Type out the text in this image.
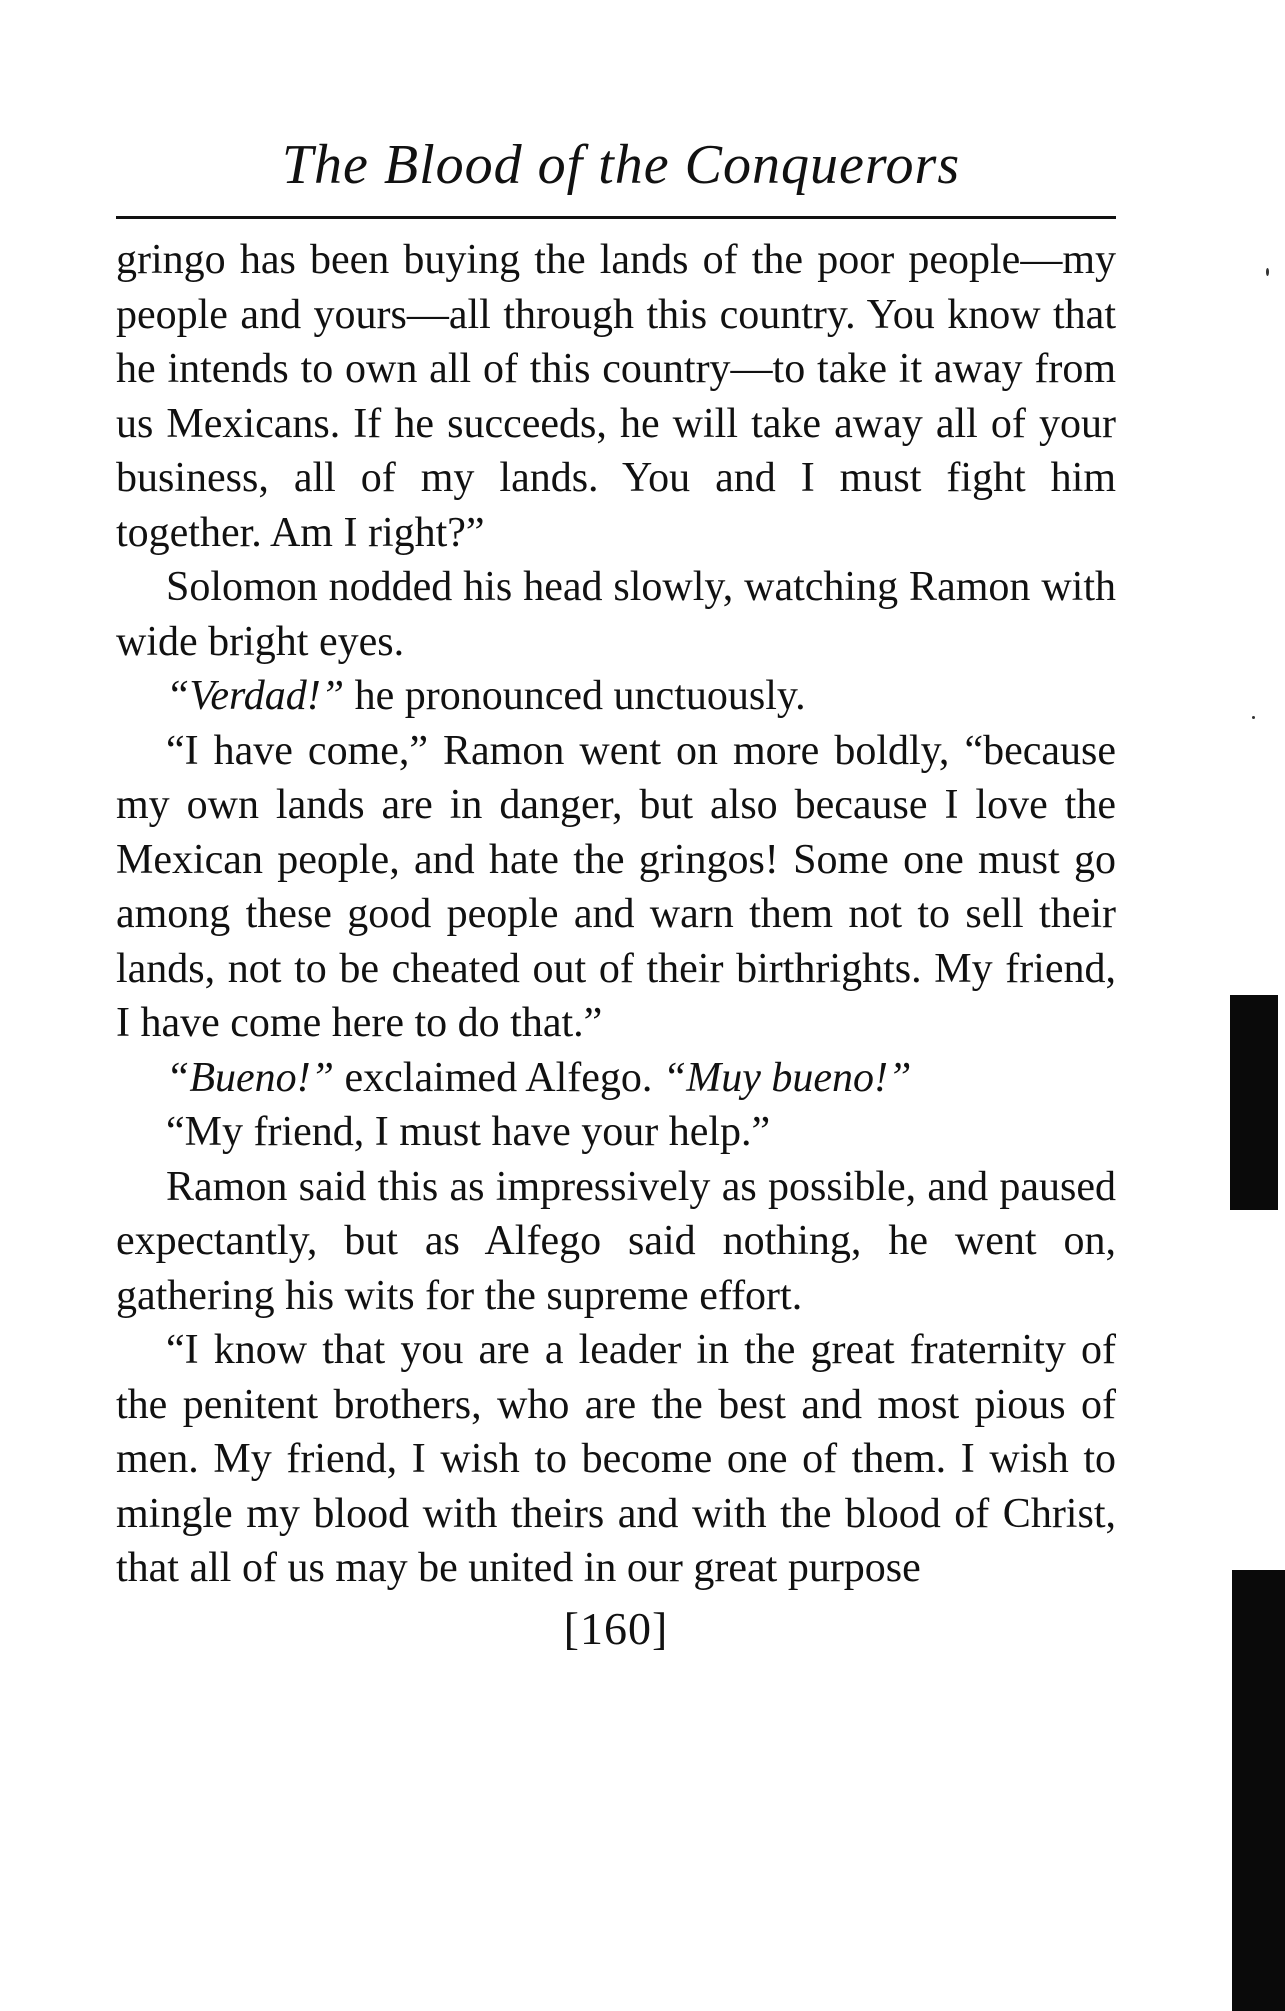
The Blood of the Conquerors

gringo has been buying the lands of the poor people—my people and yours—all through this country. You know that he intends to own all of this country—to take it away from us Mexicans. If he succeeds, he will take away all of your business, all of my lands. You and I must fight him together. Am I right?”

Solomon nodded his head slowly, watching Ramon with wide bright eyes.

“Verdad!” he pronounced unctuously.

“I have come,” Ramon went on more boldly, “because my own lands are in danger, but also because I love the Mexican people, and hate the gringos! Some one must go among these good people and warn them not to sell their lands, not to be cheated out of their birthrights. My friend, I have come here to do that.”

“Bueno!” exclaimed Alfego. “Muy bueno!”

“My friend, I must have your help.”

Ramon said this as impressively as possible, and paused expectantly, but as Alfego said nothing, he went on, gathering his wits for the supreme effort.

“I know that you are a leader in the great fraternity of the penitent brothers, who are the best and most pious of men. My friend, I wish to become one of them. I wish to mingle my blood with theirs and with the blood of Christ, that all of us may be united in our great purpose

[160]
